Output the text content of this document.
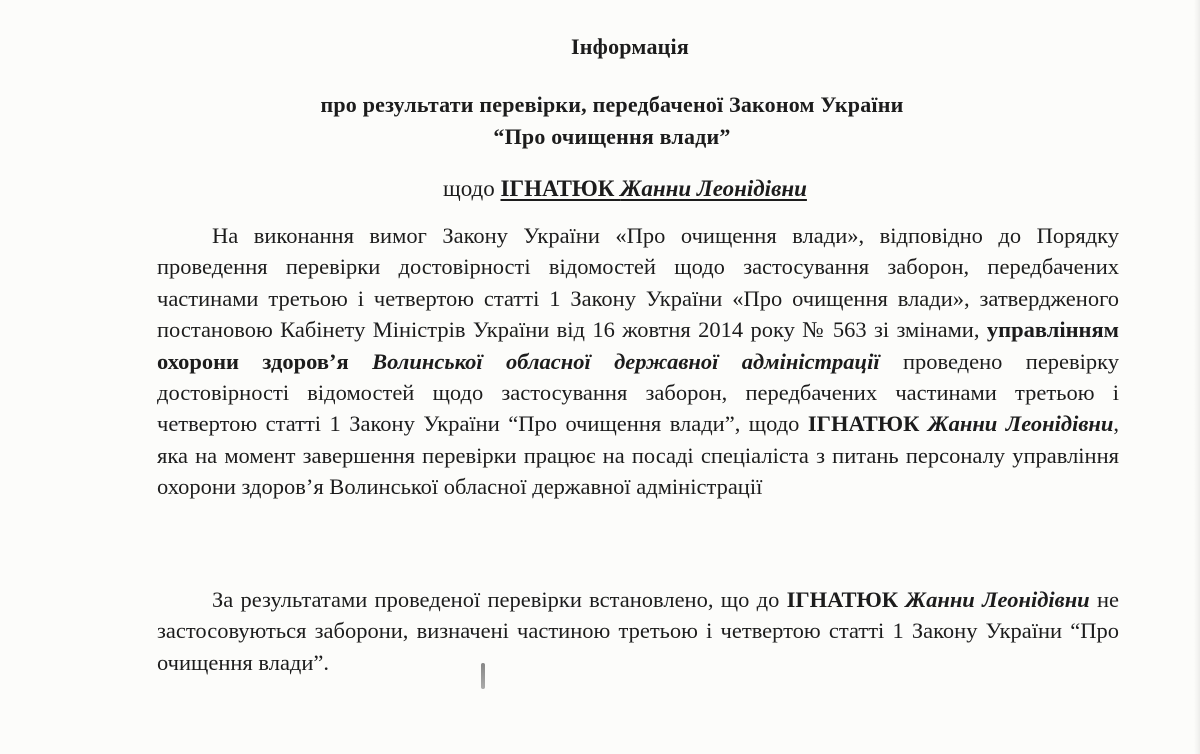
Інформація
про результати перевірки, передбаченої Законом України
“Про очищення влади”
щодо ІГНАТЮК Жанни Леонідівни
На виконання вимог Закону України «Про очищення влади», відповідно до Порядку проведення перевірки достовірності відомостей щодо застосування заборон, передбачених частинами третьою і четвертою статті 1 Закону України «Про очищення влади», затвердженого постановою Кабінету Міністрів України від 16 жовтня 2014 року № 563 зі змінами, управлінням охорони здоров’я Волинської обласної державної адміністрації проведено перевірку достовірності відомостей щодо застосування заборон, передбачених частинами третьою і четвертою статті 1 Закону України “Про очищення влади”, щодо ІГНАТЮК Жанни Леонідівни, яка на момент завершення перевірки працює на посаді спеціаліста з питань персоналу управління охорони здоров’я Волинської обласної державної адміністрації
За результатами проведеної перевірки встановлено, що до ІГНАТЮК Жанни Леонідівни не застосовуються заборони, визначені частиною третьою і четвертою статті 1 Закону України “Про очищення влади”.
